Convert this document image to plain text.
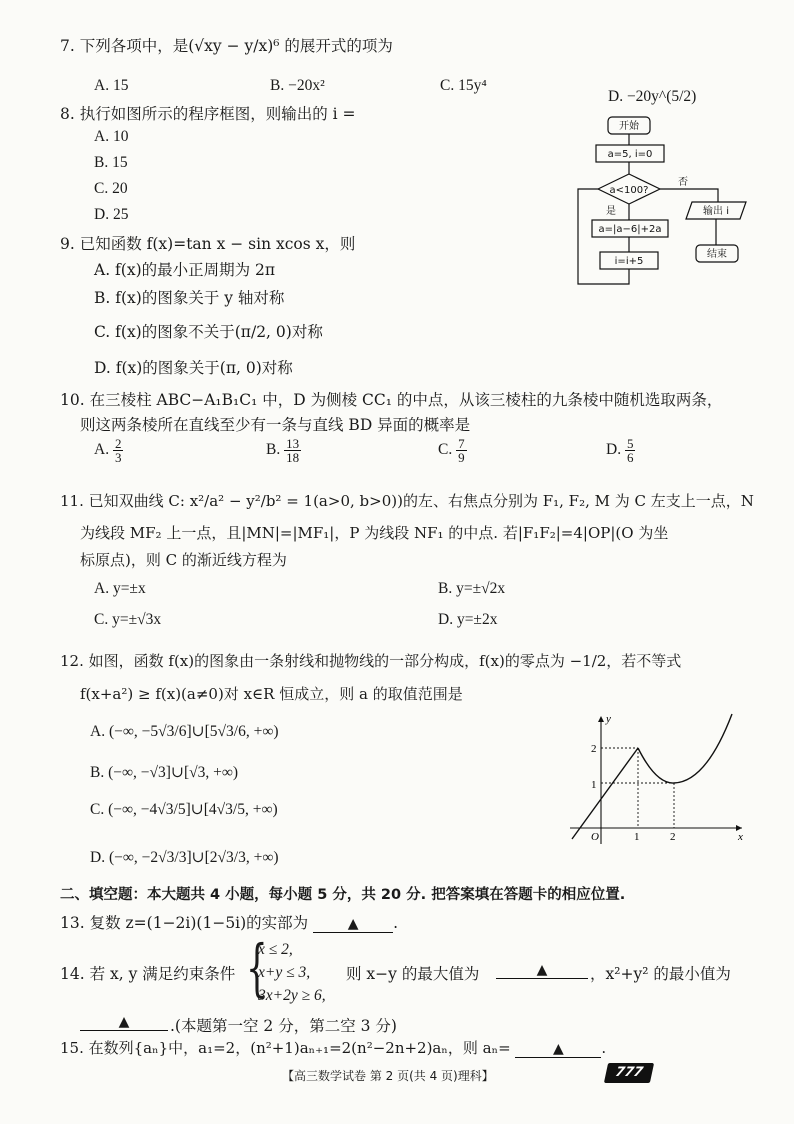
7. 下列各项中，是(√xy − y/x)⁶ 的展开式的项为
A. 15	B. −20x²	C. 15y⁴
D. −20y^(5/2)
8. 执行如图所示的程序框图，则输出的 i =
A. 10
B. 15
C. 20
D. 25
开始
a=5, i=0
a<100?
否
输出 i
结束
是
a=|a−6|+2a
i=i+5
9. 已知函数 f(x)=tan x − sin xcos x，则
A. f(x)的最小正周期为 2π
B. f(x)的图象关于 y 轴对称
C. f(x)的图象不关于(π/2, 0)对称
D. f(x)的图象关于(π, 0)对称
10. 在三棱柱 ABC−A₁B₁C₁ 中，D 为侧棱 CC₁ 的中点，从该三棱柱的九条棱中随机选取两条，
则这两条棱所在直线至少有一条与直线 BD 异面的概率是
A. $\frac{2}{3}$	B. $\frac{13}{18}$	C. $\frac{7}{9}$	D. $\frac{5}{6}$
11. 已知双曲线 C: x²/a² − y²/b² = 1(a>0, b>0))的左、右焦点分别为 F₁, F₂, M 为 C 左支上一点，N
为线段 MF₂ 上一点，且|MN|=|MF₁|，P 为线段 NF₁ 的中点. 若|F₁F₂|=4|OP|(O 为坐
标原点)，则 C 的渐近线方程为
A. y=±x	B. y=±√2x
C. y=±√3x	D. y=±2x
12. 如图，函数 f(x)的图象由一条射线和抛物线的一部分构成，f(x)的零点为 −1/2，若不等式
f(x+a²) ≥ f(x)(a≠0)对 x∈R 恒成立，则 a 的取值范围是
A. (−∞, −5√3/6]∪[5√3/6, +∞)
B. (−∞, −√3]∪[√3, +∞)
C. (−∞, −4√3/5]∪[4√3/5, +∞)
D. (−∞, −2√3/3]∪[2√3/3, +∞)
x
y
O	1	2
1
2
二、填空题：本大题共 4 小题，每小题 5 分，共 20 分. 把答案填在答题卡的相应位置.
13. 复数 z=(1−2i)(1−5i)的实部为	▲ .
14. 若 x, y 满足约束条件 {
x ≤ 2,
x+y ≤ 3,
3x+2y ≥ 6,
则 x−y 的最大值为	▲	，x²+y² 的最小值为
▲	.(本题第一空 2 分，第二空 3 分)
15. 在数列{aₙ}中，a₁=2，(n²+1)aₙ₊₁=2(n²−2n+2)aₙ，则 aₙ=	▲	.
【高三数学试卷 第 2 页(共 4 页)理科】	777
